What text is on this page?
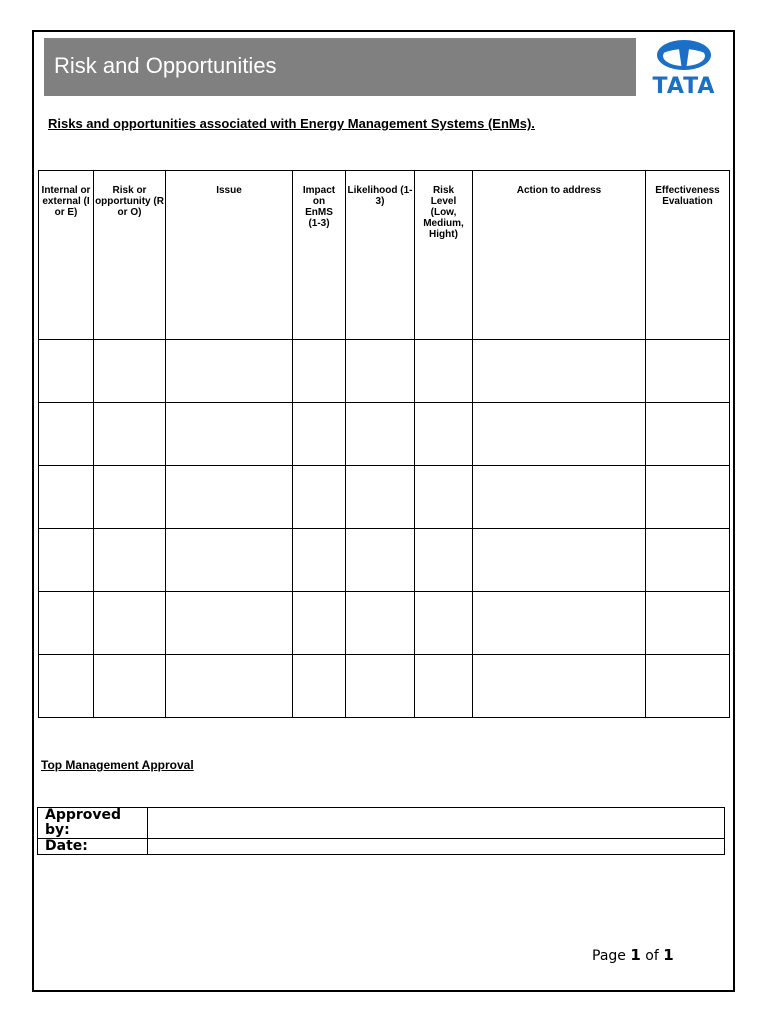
Risk and Opportunities
TATA
Risks and opportunities associated with Energy Management Systems (EnMs).
Internal or external (I or E)	Risk or opportunity (R or O)	Issue	Impact on EnMS (1-3)	Likelihood (1-3)	Risk Level (Low, Medium, Hight)	Action to address	Effectiveness Evaluation

Top Management Approval
Approved by:	
Date:	
Page 1 of 1
